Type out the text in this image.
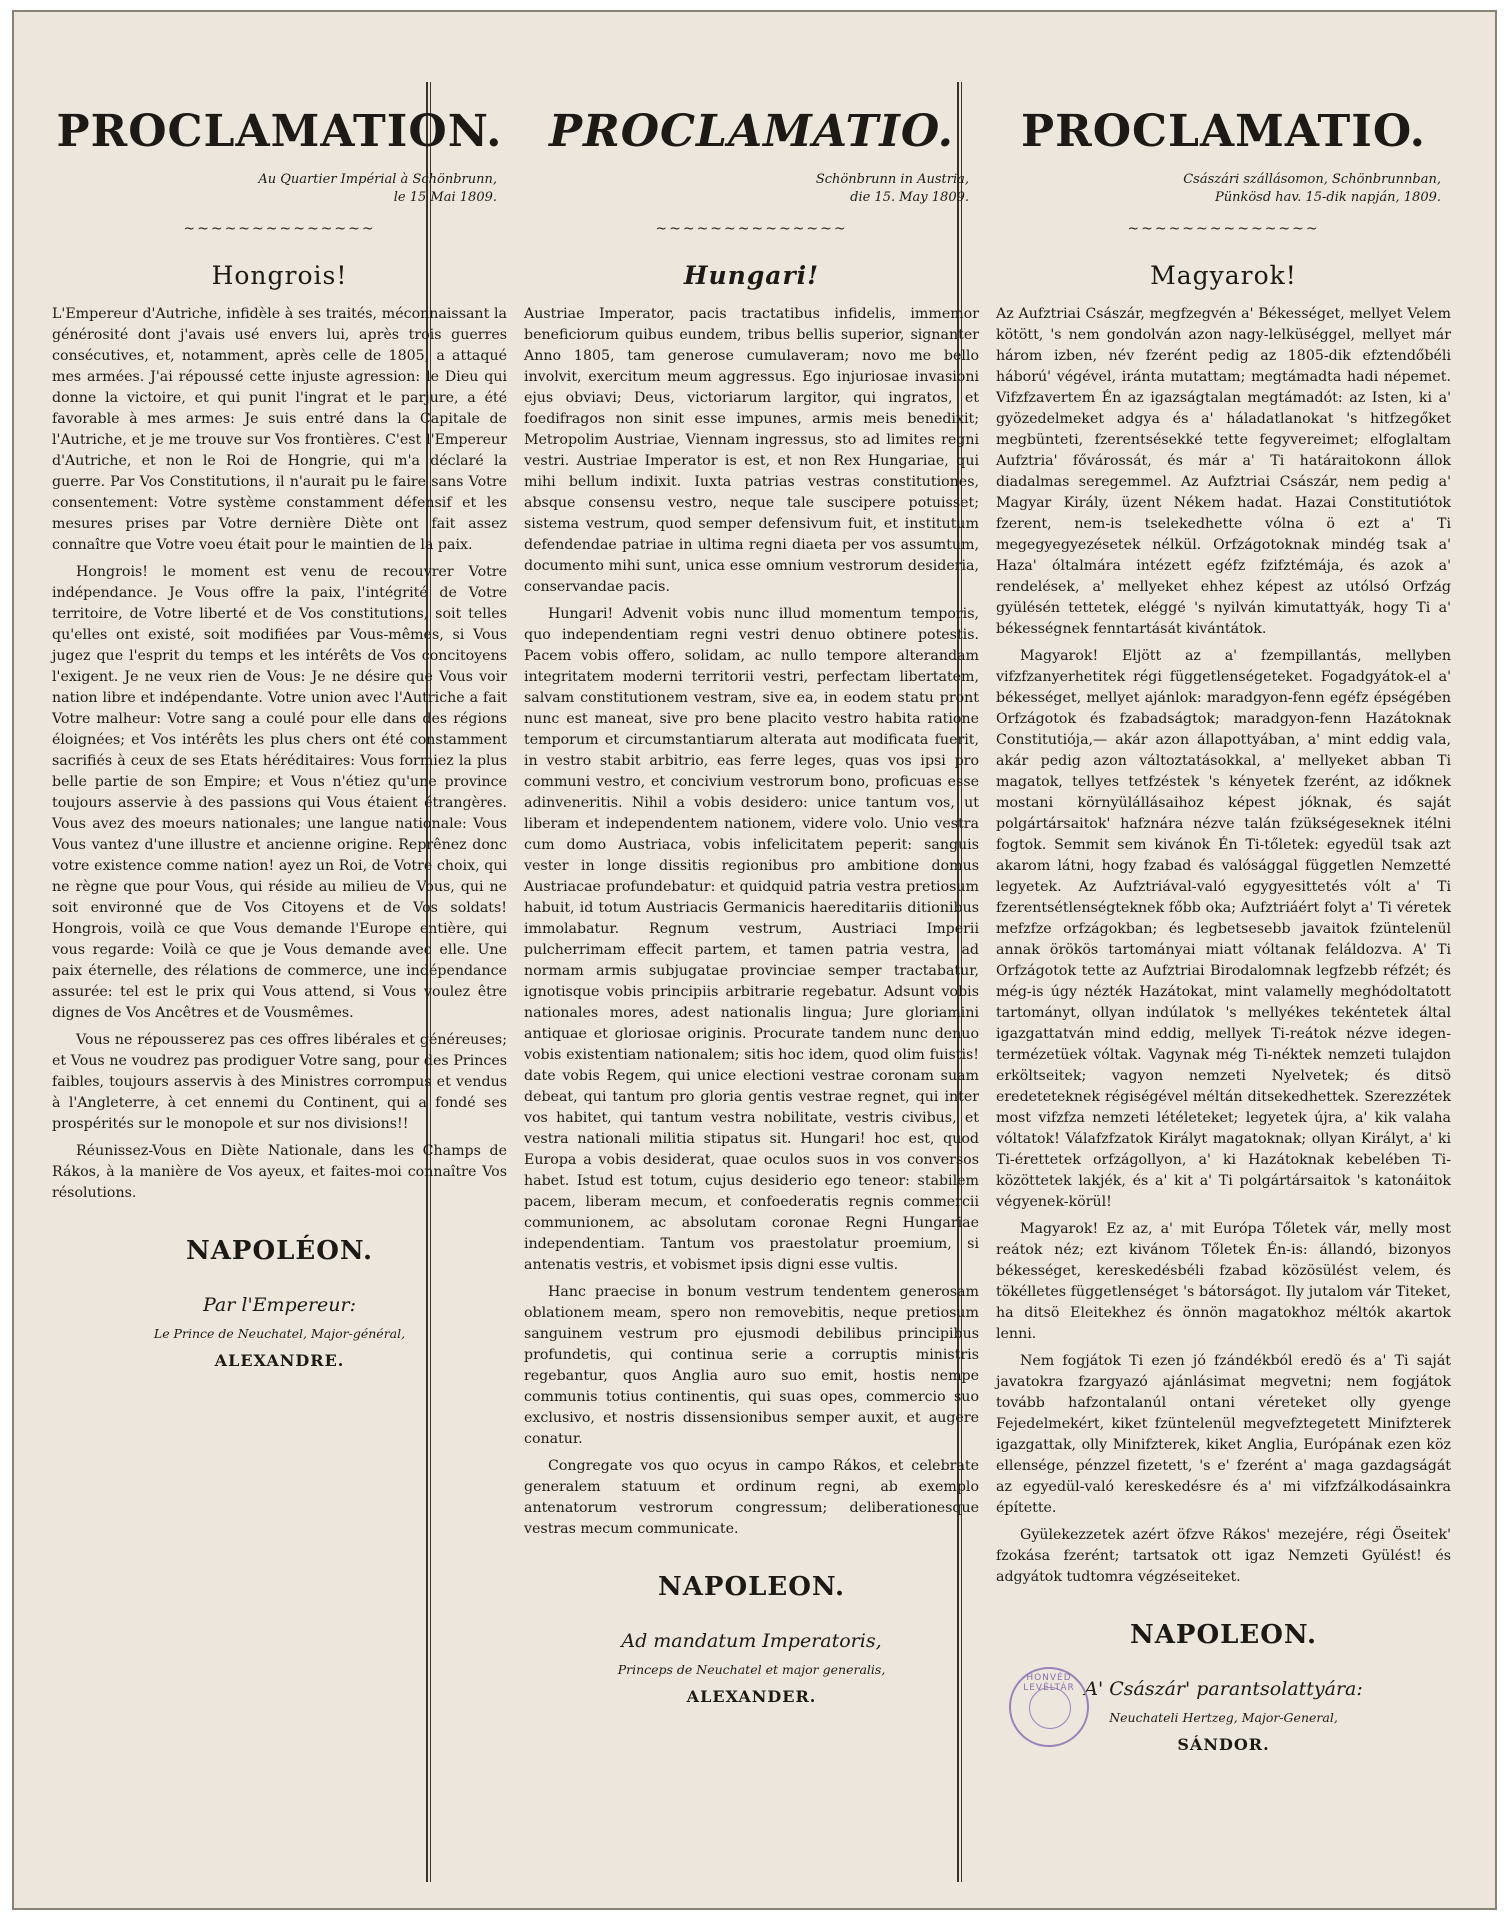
PROCLAMATION.
Au Quartier Impérial à Schönbrunn,
le 15 Mai 1809.
~~~~~~~~~~~~~~
Hongrois!

L'Empereur d'Autriche, infidèle à ses traités, méconnaissant la générosité dont j'avais usé envers lui, après trois guerres consécutives, et, notamment, après celle de 1805, a attaqué mes armées. J'ai répoussé cette injuste agression: le Dieu qui donne la victoire, et qui punit l'ingrat et le parjure, a été favorable à mes armes: Je suis entré dans la Capitale de l'Autriche, et je me trouve sur Vos frontières. C'est l'Empereur d'Autriche, et non le Roi de Hongrie, qui m'a déclaré la guerre. Par Vos Constitutions, il n'aurait pu le faire sans Votre consentement: Votre système constamment défensif et les mesures prises par Votre dernière Diète ont fait assez connaître que Votre voeu était pour le maintien de la paix.

Hongrois! le moment est venu de recouvrer Votre indépendance. Je Vous offre la paix, l'intégrité de Votre territoire, de Votre liberté et de Vos constitutions, soit telles qu'elles ont existé, soit modifiées par Vous-mêmes, si Vous jugez que l'esprit du temps et les intérêts de Vos concitoyens l'exigent. Je ne veux rien de Vous: Je ne désire que Vous voir nation libre et indépendante. Votre union avec l'Autriche a fait Votre malheur: Votre sang a coulé pour elle dans des régions éloignées; et Vos intérêts les plus chers ont été constamment sacrifiés à ceux de ses Etats héréditaires: Vous formiez la plus belle partie de son Empire; et Vous n'étiez qu'une province toujours asservie à des passions qui Vous étaient étrangères. Vous avez des moeurs nationales; une langue nationale: Vous Vous vantez d'une illustre et ancienne origine. Reprênez donc votre existence comme nation! ayez un Roi, de Votre choix, qui ne règne que pour Vous, qui réside au milieu de Vous, qui ne soit environné que de Vos Citoyens et de Vos soldats! Hongrois, voilà ce que Vous demande l'Europe entière, qui vous regarde: Voilà ce que je Vous demande avec elle. Une paix éternelle, des rélations de commerce, une indépendance assurée: tel est le prix qui Vous attend, si Vous voulez être dignes de Vos Ancêtres et de Vousmêmes.

Vous ne répousserez pas ces offres libérales et généreuses; et Vous ne voudrez pas prodiguer Votre sang, pour des Princes faibles, toujours asservis à des Ministres corrompus et vendus à l'Angleterre, à cet ennemi du Continent, qui a fondé ses prospérités sur le monopole et sur nos divisions!!

Réunissez-Vous en Diète Nationale, dans les Champs de Rákos, à la manière de Vos ayeux, et faites-moi connaître Vos résolutions.

NAPOLÉON.
Par l'Empereur:
Le Prince de Neuchatel, Major-général,
ALEXANDRE.
PROCLAMATIO.
Schönbrunn in Austria,
die 15. May 1809.
~~~~~~~~~~~~~~
Hungari!

Austriae Imperator, pacis tractatibus infidelis, immemor beneficiorum quibus eundem, tribus bellis superior, signanter Anno 1805, tam generose cumulaveram; novo me bello involvit, exercitum meum aggressus. Ego injuriosae invasioni ejus obviavi; Deus, victoriarum largitor, qui ingratos, et foedifragos non sinit esse impunes, armis meis benedixit; Metropolim Austriae, Viennam ingressus, sto ad limites regni vestri. Austriae Imperator is est, et non Rex Hungariae, qui mihi bellum indixit. Iuxta patrias vestras constitutiones, absque consensu vestro, neque tale suscipere potuisset; sistema vestrum, quod semper defensivum fuit, et institutum defendendae patriae in ultima regni diaeta per vos assumtum, documento mihi sunt, unica esse omnium vestrorum desideria, conservandae pacis.

Hungari! Advenit vobis nunc illud momentum temporis, quo independentiam regni vestri denuo obtinere potestis. Pacem vobis offero, solidam, ac nullo tempore alterandam integritatem moderni territorii vestri, perfectam libertatem, salvam constitutionem vestram, sive ea, in eodem statu pront nunc est maneat, sive pro bene placito vestro habita ratione temporum et circumstantiarum alterata aut modificata fuerit, in vestro stabit arbitrio, eas ferre leges, quas vos ipsi pro communi vestro, et concivium vestrorum bono, proficuas esse adinveneritis. Nihil a vobis desidero: unice tantum vos, ut liberam et independentem nationem, videre volo. Unio vestra cum domo Austriaca, vobis infelicitatem peperit: sanguis vester in longe dissitis regionibus pro ambitione domus Austriacae profundebatur: et quidquid patria vestra pretiosum habuit, id totum Austriacis Germanicis haereditariis ditionibus immolabatur. Regnum vestrum, Austriaci Imperii pulcherrimam effecit partem, et tamen patria vestra, ad normam armis subjugatae provinciae semper tractabatur, ignotisque vobis principiis arbitrarie regebatur. Adsunt vobis nationales mores, adest nationalis lingua; Jure gloriamini antiquae et gloriosae originis. Procurate tandem nunc denuo vobis existentiam nationalem; sitis hoc idem, quod olim fuistis! date vobis Regem, qui unice electioni vestrae coronam suam debeat, qui tantum pro gloria gentis vestrae regnet, qui inter vos habitet, qui tantum vestra nobilitate, vestris civibus, et vestra nationali militia stipatus sit. Hungari! hoc est, quod Europa a vobis desiderat, quae oculos suos in vos conversos habet. Istud est totum, cujus desiderio ego teneor: stabilem pacem, liberam mecum, et confoederatis regnis commercii communionem, ac absolutam coronae Regni Hungariae independentiam. Tantum vos praestolatur proemium, si antenatis vestris, et vobismet ipsis digni esse vultis.

Hanc praecise in bonum vestrum tendentem generosam oblationem meam, spero non removebitis, neque pretiosum sanguinem vestrum pro ejusmodi debilibus principibus profundetis, qui continua serie a corruptis ministris regebantur, quos Anglia auro suo emit, hostis nempe communis totius continentis, qui suas opes, commercio suo exclusivo, et nostris dissensionibus semper auxit, et augere conatur.

Congregate vos quo ocyus in campo Rákos, et celebrate generalem statuum et ordinum regni, ab exemplo antenatorum vestrorum congressum; deliberationesque vestras mecum communicate.

NAPOLEON.
Ad mandatum Imperatoris,
Princeps de Neuchatel et major generalis,
ALEXANDER.
PROCLAMATIO.
Császári szállásomon, Schönbrunnban,
Pünkösd hav. 15-dik napján, 1809.
~~~~~~~~~~~~~~
Magyarok!

Az Aufztriai Császár, megfzegvén a' Békességet, mellyet Velem kötött, 's nem gondolván azon nagy-lelküséggel, mellyet már három izben, név fzerént pedig az 1805-dik efztendőbéli háború' végével, iránta mutattam; megtámadta hadi népemet. Vifzfzavertem Én az igazságtalan megtámadót: az Isten, ki a' gyözedelmeket adgya és a' háladatlanokat 's hitfzegőket megbünteti, fzerentsésekké tette fegyvereimet; elfoglaltam Aufztria' fővárossát, és már a' Ti határaitokonn állok diadalmas seregemmel. Az Aufztriai Császár, nem pedig a' Magyar Király, üzent Nékem hadat. Hazai Constitutiótok fzerent, nem-is tselekedhette vólna ö ezt a' Ti megegyegyezésetek nélkül. Orfzágotoknak mindég tsak a' Haza' óltalmára intézett egéfz fzifztémája, és azok a' rendelések, a' mellyeket ehhez képest az utólsó Orfzág gyülésén tettetek, eléggé 's nyilván kimutattyák, hogy Ti a' békességnek fenntartását kivántátok.

Magyarok! Eljött az a' fzempillantás, mellyben vifzfzanyerhetitek régi függetlenségeteket. Fogadgyátok-el a' békességet, mellyet ajánlok: maradgyon-fenn egéfz épségében Orfzágotok és fzabadságtok; maradgyon-fenn Hazátoknak Constitutiója,— akár azon állapottyában, a' mint eddig vala, akár pedig azon változtatásokkal, a' mellyeket abban Ti magatok, tellyes tetfzéstek 's kényetek fzerént, az időknek mostani környülállásaihoz képest jóknak, és saját polgártársaitok' hafznára nézve talán fzükségeseknek itélni fogtok. Semmit sem kivánok Én Ti-tőletek: egyedül tsak azt akarom látni, hogy fzabad és valósággal független Nemzetté legyetek. Az Aufztriával-való egygyesittetés vólt a' Ti fzerentsétlenségteknek főbb oka; Aufztriáért folyt a' Ti véretek mefzfze orfzágokban; és legbetsesebb javaitok fzüntelenül annak örökös tartományai miatt vóltanak feláldozva. A' Ti Orfzágotok tette az Aufztriai Birodalomnak legfzebb réfzét; és még-is úgy nézték Hazátokat, mint valamelly meghódoltatott tartományt, ollyan indúlatok 's mellyékes tekéntetek által igazgattatván mind eddig, mellyek Ti-reátok nézve idegen-termézetüek vóltak. Vagynak még Ti-néktek nemzeti tulajdon erköltseitek; vagyon nemzeti Nyelvetek; és ditsö eredeteteknek régiségével méltán ditsekedhettek. Szerezzétek most vifzfza nemzeti létéleteket; legyetek újra, a' kik valaha vóltatok! Válafzfzatok Királyt magatoknak; ollyan Királyt, a' ki Ti-érettetek orfzágollyon, a' ki Hazátoknak kebelében Ti-közöttetek lakjék, és a' kit a' Ti polgártársaitok 's katonáitok végyenek-körül!

Magyarok! Ez az, a' mit Európa Tőletek vár, melly most reátok néz; ezt kivánom Tőletek Én-is: állandó, bizonyos békességet, kereskedésbéli fzabad közösülést velem, és tökélletes függetlenséget 's bátorságot. Ily jutalom vár Titeket, ha ditsö Eleitekhez és önnön magatokhoz méltók akartok lenni.

Nem fogjátok Ti ezen jó fzándékból eredö és a' Ti saját javatokra fzargyazó ajánlásimat megvetni; nem fogjátok tovább hafzontalanúl ontani véreteket olly gyenge Fejedelmekért, kiket fzüntelenül megvefztegetett Minifzterek igazgattak, olly Minifzterek, kiket Anglia, Európának ezen köz ellensége, pénzzel fizetett, 's e' fzerént a' maga gazdagságát az egyedül-való kereskedésre és a' mi vifzfzálkodásainkra építette.

Gyülekezzetek azért öfzve Rákos' mezejére, régi Öseitek' fzokása fzerént; tartsatok ott igaz Nemzeti Gyülést! és adgyátok tudtomra végzéseiteket.

NAPOLEON.
A' Császár' parantsolattyára:
Neuchateli Hertzeg, Major-General,
SÁNDOR.
HONVÉD LEVÉLTÁR
